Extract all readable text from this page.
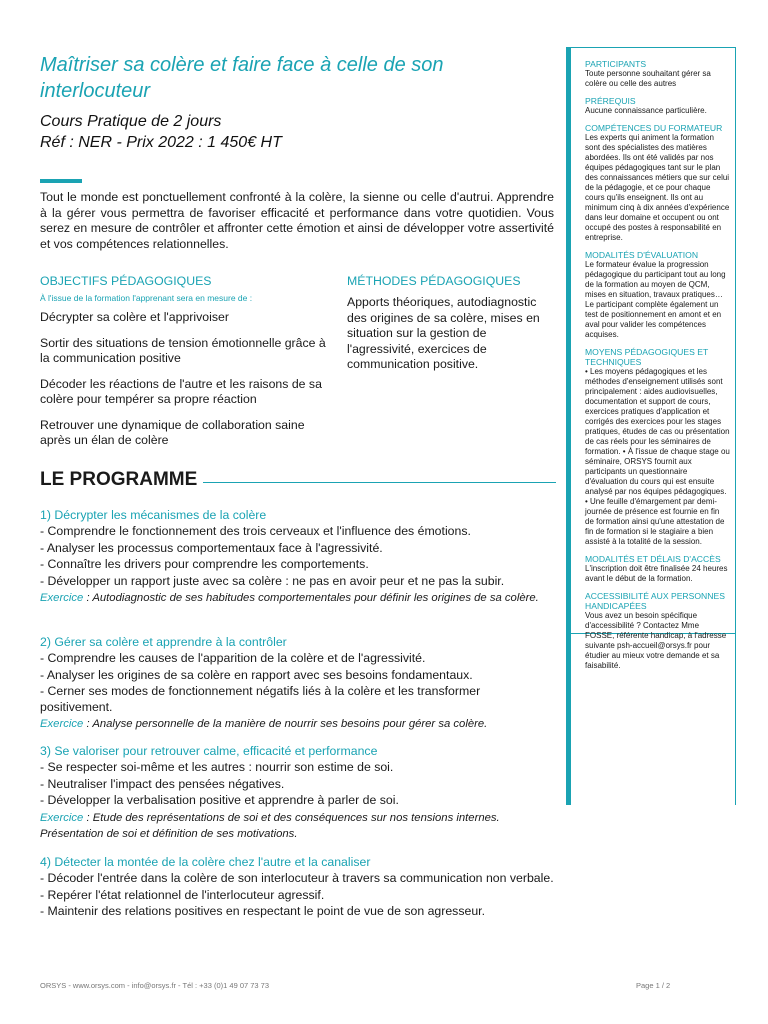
Maîtriser sa colère et faire face à celle de son interlocuteur
Cours Pratique de 2 jours
Réf : NER - Prix 2022 : 1 450€ HT

Tout le monde est ponctuellement confronté à la colère, la sienne ou celle d'autrui. Apprendre à la gérer vous permettra de favoriser efficacité et performance dans votre quotidien. Vous serez en mesure de contrôler et affronter cette émotion et ainsi de développer votre assertivité et vos compétences relationnelles.

OBJECTIFS PÉDAGOGIQUES
À l'issue de la formation l'apprenant sera en mesure de :
Décrypter sa colère et l'apprivoiser
Sortir des situations de tension émotionnelle grâce à la communication positive
Décoder les réactions de l'autre et les raisons de sa colère pour tempérer sa propre réaction
Retrouver une dynamique de collaboration saine après un élan de colère
MÉTHODES PÉDAGOGIQUES

Apports théoriques, autodiagnostic des origines de sa colère, mises en situation sur la gestion de l'agressivité, exercices de communication positive.

LE PROGRAMME
1) Décrypter les mécanismes de la colère
- Comprendre le fonctionnement des trois cerveaux et l'influence des émotions.
- Analyser les processus comportementaux face à l'agressivité.
- Connaître les drivers pour comprendre les comportements.
- Développer un rapport juste avec sa colère : ne pas en avoir peur et ne pas la subir.
Exercice : Autodiagnostic de ses habitudes comportementales pour définir les origines de sa colère.
2) Gérer sa colère et apprendre à la contrôler
- Comprendre les causes de l'apparition de la colère et de l'agressivité.
- Analyser les origines de sa colère en rapport avec ses besoins fondamentaux.
- Cerner ses modes de fonctionnement négatifs liés à la colère et les transformer positivement.
Exercice : Analyse personnelle de la manière de nourrir ses besoins pour gérer sa colère.
3) Se valoriser pour retrouver calme, efficacité et performance
- Se respecter soi-même et les autres : nourrir son estime de soi.
- Neutraliser l'impact des pensées négatives.
- Développer la verbalisation positive et apprendre à parler de soi.
Exercice : Etude des représentations de soi et des conséquences sur nos tensions internes. Présentation de soi et définition de ses motivations.
4) Détecter la montée de la colère chez l'autre et la canaliser
- Décoder l'entrée dans la colère de son interlocuteur à travers sa communication non verbale.
- Repérer l'état relationnel de l'interlocuteur agressif.
- Maintenir des relations positives en respectant le point de vue de son agresseur.
PARTICIPANTS

Toute personne souhaitant gérer sa colère ou celle des autres

PRÉREQUIS

Aucune connaissance particulière.

COMPÉTENCES DU FORMATEUR

Les experts qui animent la formation sont des spécialistes des matières abordées. Ils ont été validés par nos équipes pédagogiques tant sur le plan des connaissances métiers que sur celui de la pédagogie, et ce pour chaque cours qu'ils enseignent. Ils ont au minimum cinq à dix années d'expérience dans leur domaine et occupent ou ont occupé des postes à responsabilité en entreprise.

MODALITÉS D'ÉVALUATION

Le formateur évalue la progression pédagogique du participant tout au long de la formation au moyen de QCM, mises en situation, travaux pratiques… Le participant complète également un test de positionnement en amont et en aval pour valider les compétences acquises.

MOYENS PÉDAGOGIQUES ET TECHNIQUES

• Les moyens pédagogiques et les méthodes d'enseignement utilisés sont principalement : aides audiovisuelles, documentation et support de cours, exercices pratiques d'application et corrigés des exercices pour les stages pratiques, études de cas ou présentation de cas réels pour les séminaires de formation. • À l'issue de chaque stage ou séminaire, ORSYS fournit aux participants un questionnaire d'évaluation du cours qui est ensuite analysé par nos équipes pédagogiques. • Une feuille d'émargement par demi-journée de présence est fournie en fin de formation ainsi qu'une attestation de fin de formation si le stagiaire a bien assisté à la totalité de la session.

MODALITÉS ET DÉLAIS D'ACCÈS

L'inscription doit être finalisée 24 heures avant le début de la formation.

ACCESSIBILITÉ AUX PERSONNES HANDICAPÉES

Vous avez un besoin spécifique d'accessibilité ? Contactez Mme FOSSE, référente handicap, à l'adresse suivante psh-accueil@orsys.fr pour étudier au mieux votre demande et sa faisabilité.

ORSYS - www.orsys.com - info@orsys.fr - Tél : +33 (0)1 49 07 73 73	Page 1 / 2
